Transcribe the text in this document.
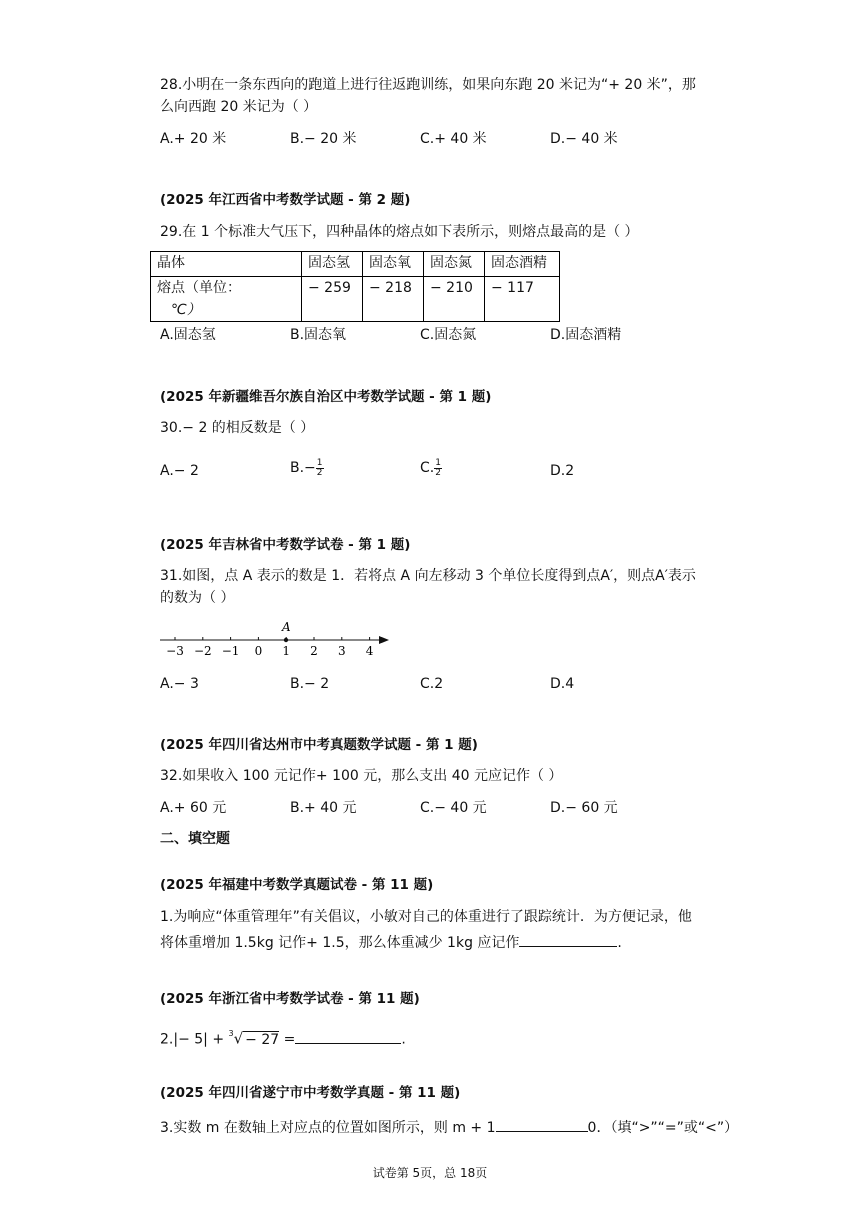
28.小明在一条东西向的跑道上进行往返跑训练，如果向东跑 20 米记为“+ 20 米”，那
么向西跑 20 米记为（ ）
A.+ 20 米	B.− 20 米	C.+ 40 米	D.− 40 米
(2025 年江西省中考数学试题 - 第 2 题)
29.在 1 个标准大气压下，四种晶体的熔点如下表所示，则熔点最高的是（ ）
晶体	固态氢	固态氧	固态氮	固态酒精

熔点（单位：
℃）	− 259	− 218	− 210	− 117
A.固态氢	B.固态氧	C.固态氮	D.固态酒精
(2025 年新疆维吾尔族自治区中考数学试题 - 第 1 题)
30.− 2 的相反数是（ ）
A.− 2	$B.- \frac{1}{2}$	C. $\frac{1}{2}$	D.2
(2025 年吉林省中考数学试卷 - 第 1 题)
31.如图，点 A 表示的数是 1．若将点 A 向左移动 3 个单位长度得到点A′，则点A′表示
的数为（ ）
−3 −2 −1 0 1 2 3 4
A
A.− 3	B.− 2	C.2	D.4
(2025 年四川省达州市中考真题数学试题 - 第 1 题)
32.如果收入 100 元记作+ 100 元，那么支出 40 元应记作（ ）
A.+ 60 元	B.+ 40 元	C.− 40 元	D.− 60 元
二、填空题
(2025 年福建中考数学真题试卷 - 第 11 题)
1.为响应“体重管理年”有关倡议，小敏对自己的体重进行了跟踪统计．为方便记录，他
将体重增加 1.5kg 记作+ 1.5，那么体重减少 1kg 应记作	.
(2025 年浙江省中考数学试卷 - 第 11 题)
2.|− 5| + $^3$√ − 27 =	.
(2025 年四川省遂宁市中考数学真题 - 第 11 题)
3.实数 m 在数轴上对应点的位置如图所示，则 m + 1	0．（填“>”“=”或“<”）
试卷第 5页，总 18页
